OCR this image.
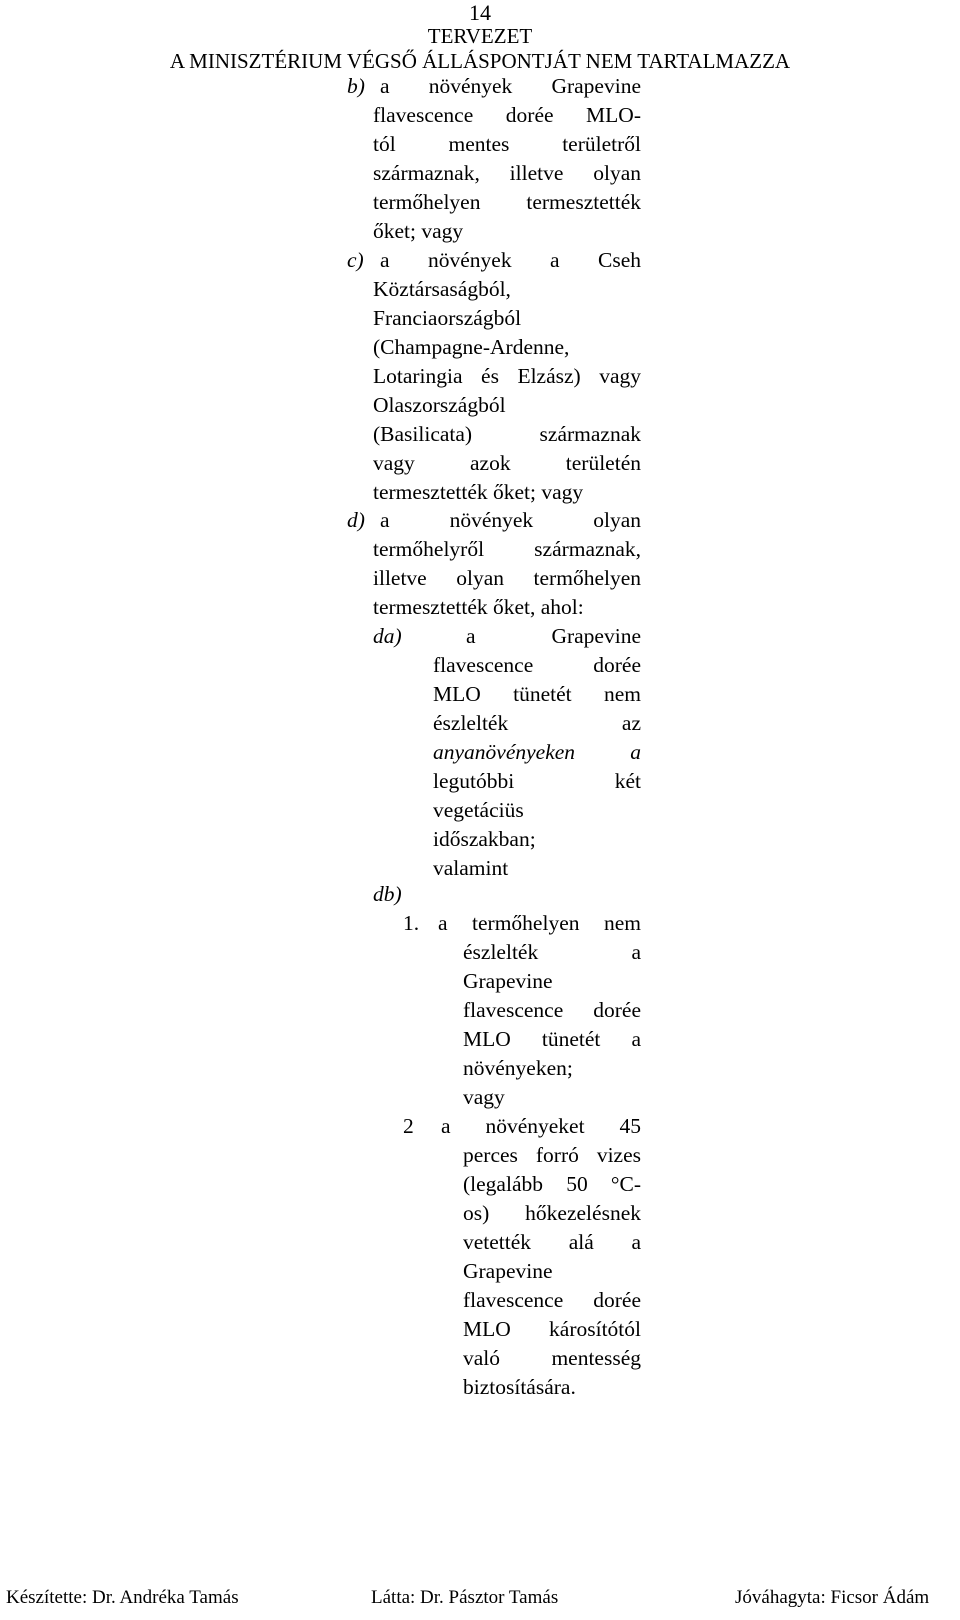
14
TERVEZET
A MINISZTÉRIUM VÉGSŐ ÁLLÁSPONTJÁT NEM TARTALMAZZA
b) a növények Grapevine
flavescence dorée MLO-
tól mentes területről
származnak, illetve olyan
termőhelyen termesztették
őket; vagy
c) a növények a Cseh
Köztársaságból,
Franciaországból
(Champagne-Ardenne,
Lotaringia és Elzász) vagy
Olaszországból
(Basilicata) származnak
vagy azok területén
termesztették őket; vagy
d) a növények olyan
termőhelyről származnak,
illetve olyan termőhelyen
termesztették őket, ahol:
da)	a Grapevine
flavescence dorée
MLO tünetét nem
észlelték az
anyanövényeken a
legutóbbi két
vegetáciüs
időszakban;
valamint
db)
1. a termőhelyen nem
észlelték a
Grapevine
flavescence dorée
MLO tünetét a
növényeken;
vagy
2 a növényeket 45
perces forró vizes
(legalább 50 °C-
os) hőkezelésnek
vetették alá a
Grapevine
flavescence dorée
MLO károsítótól
való mentesség
biztosítására.
Készítette: Dr. Andréka Tamás	Látta: Dr. Pásztor Tamás	Jóváhagyta: Ficsor Ádám
